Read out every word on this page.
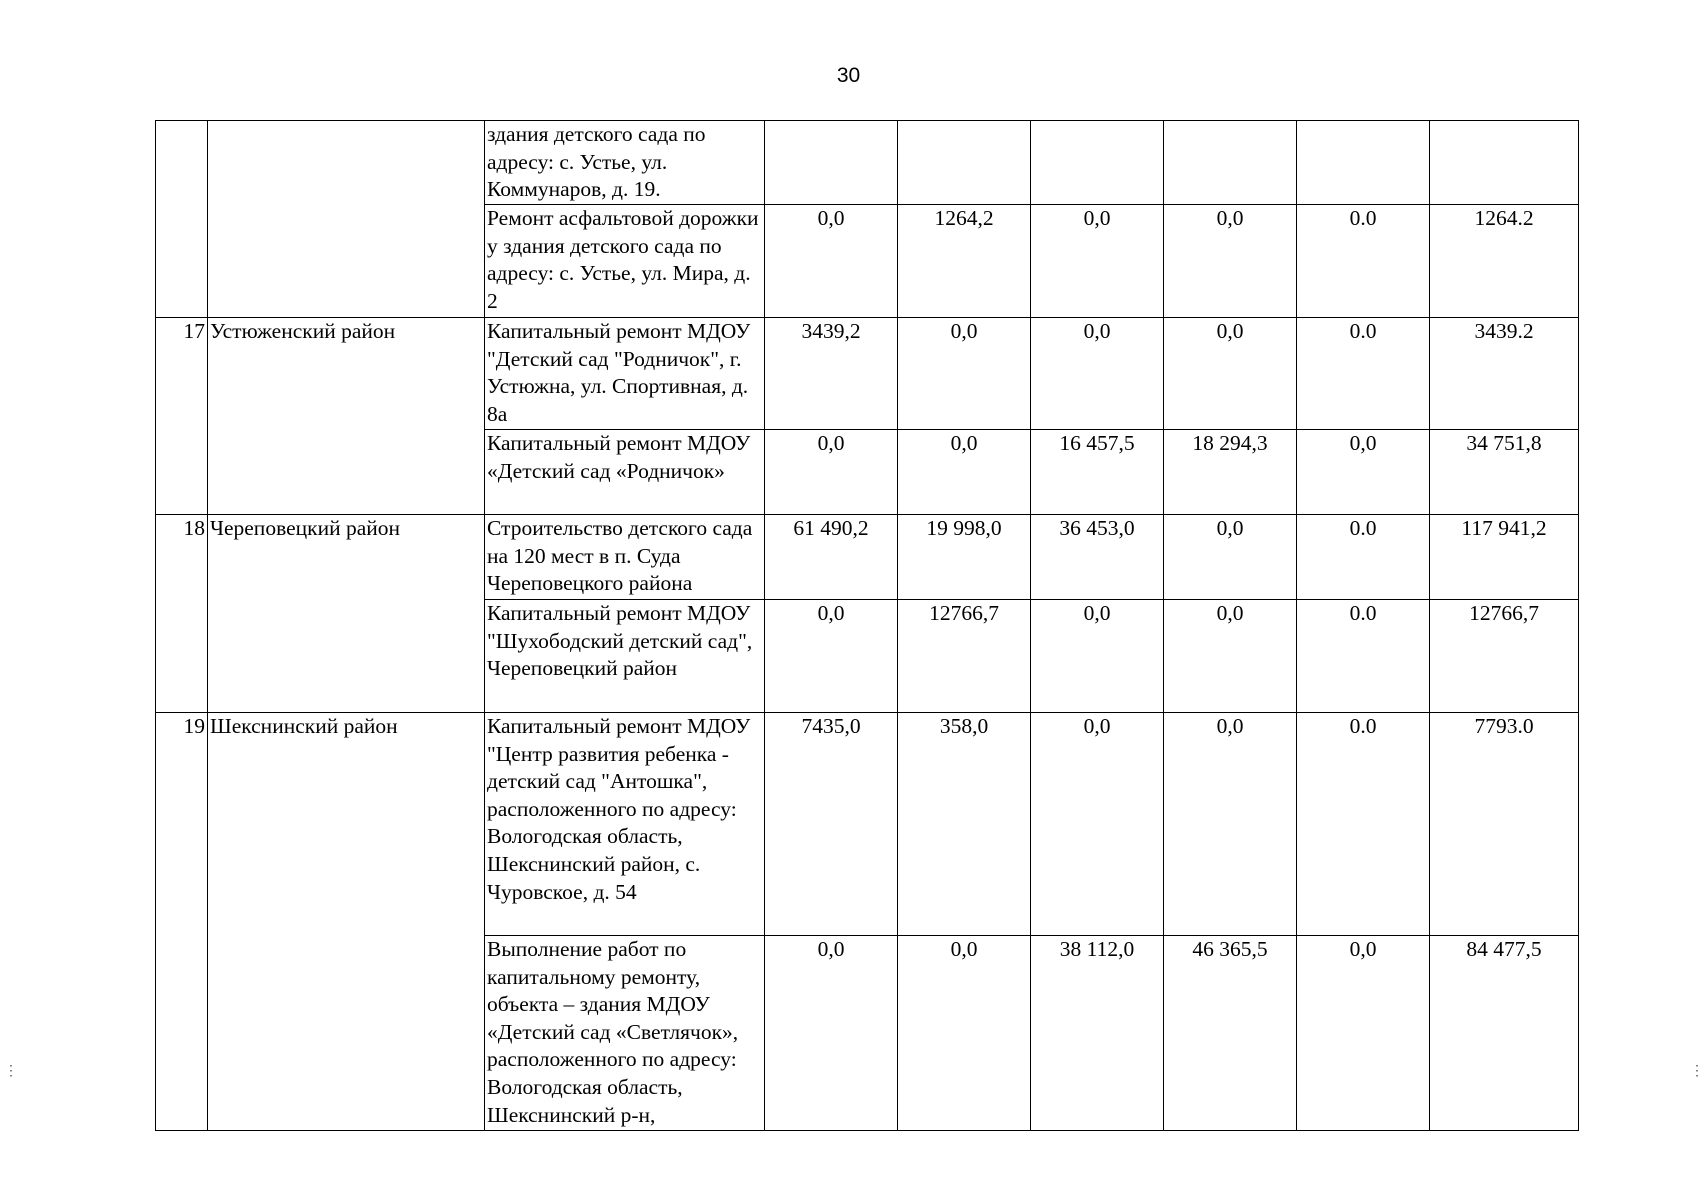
30
		здания детского сада по адресу: с. Устье, ул. Коммунаров, д. 19.						
		Ремонт асфальтовой дорожки у здания детского сада по адресу: с. Устье, ул. Мира, д. 2	0,0	1264,2	0,0	0,0	0.0	1264.2
17	Устюженский район	Капитальный ремонт МДОУ "Детский сад "Родничок", г. Устюжна, ул. Спортивная, д. 8а	3439,2	0,0	0,0	0,0	0.0	3439.2
		Капитальный ремонт МДОУ «Детский сад «Родничок»	0,0	0,0	16 457,5	18 294,3	0,0	34 751,8
18	Череповецкий район	Строительство детского сада на 120 мест в п. Суда Череповецкого района	61 490,2	19 998,0	36 453,0	0,0	0.0	117 941,2
		Капитальный ремонт МДОУ "Шухободский детский сад", Череповецкий район	0,0	12766,7	0,0	0,0	0.0	12766,7
19	Шекснинский район	Капитальный ремонт МДОУ "Центр развития ребенка - детский сад "Антошка", расположенного по адресу: Вологодская область, Шекснинский район, с. Чуровское, д. 54	7435,0	358,0	0,0	0,0	0.0	7793.0
		Выполнение работ по капитальному ремонту, объекта – здания МДОУ «Детский сад «Светлячок», расположенного по адресу: Вологодская область, Шекснинский р-н,	0,0	0,0	38 112,0	46 365,5	0,0	84 477,5
⋮	⋮
